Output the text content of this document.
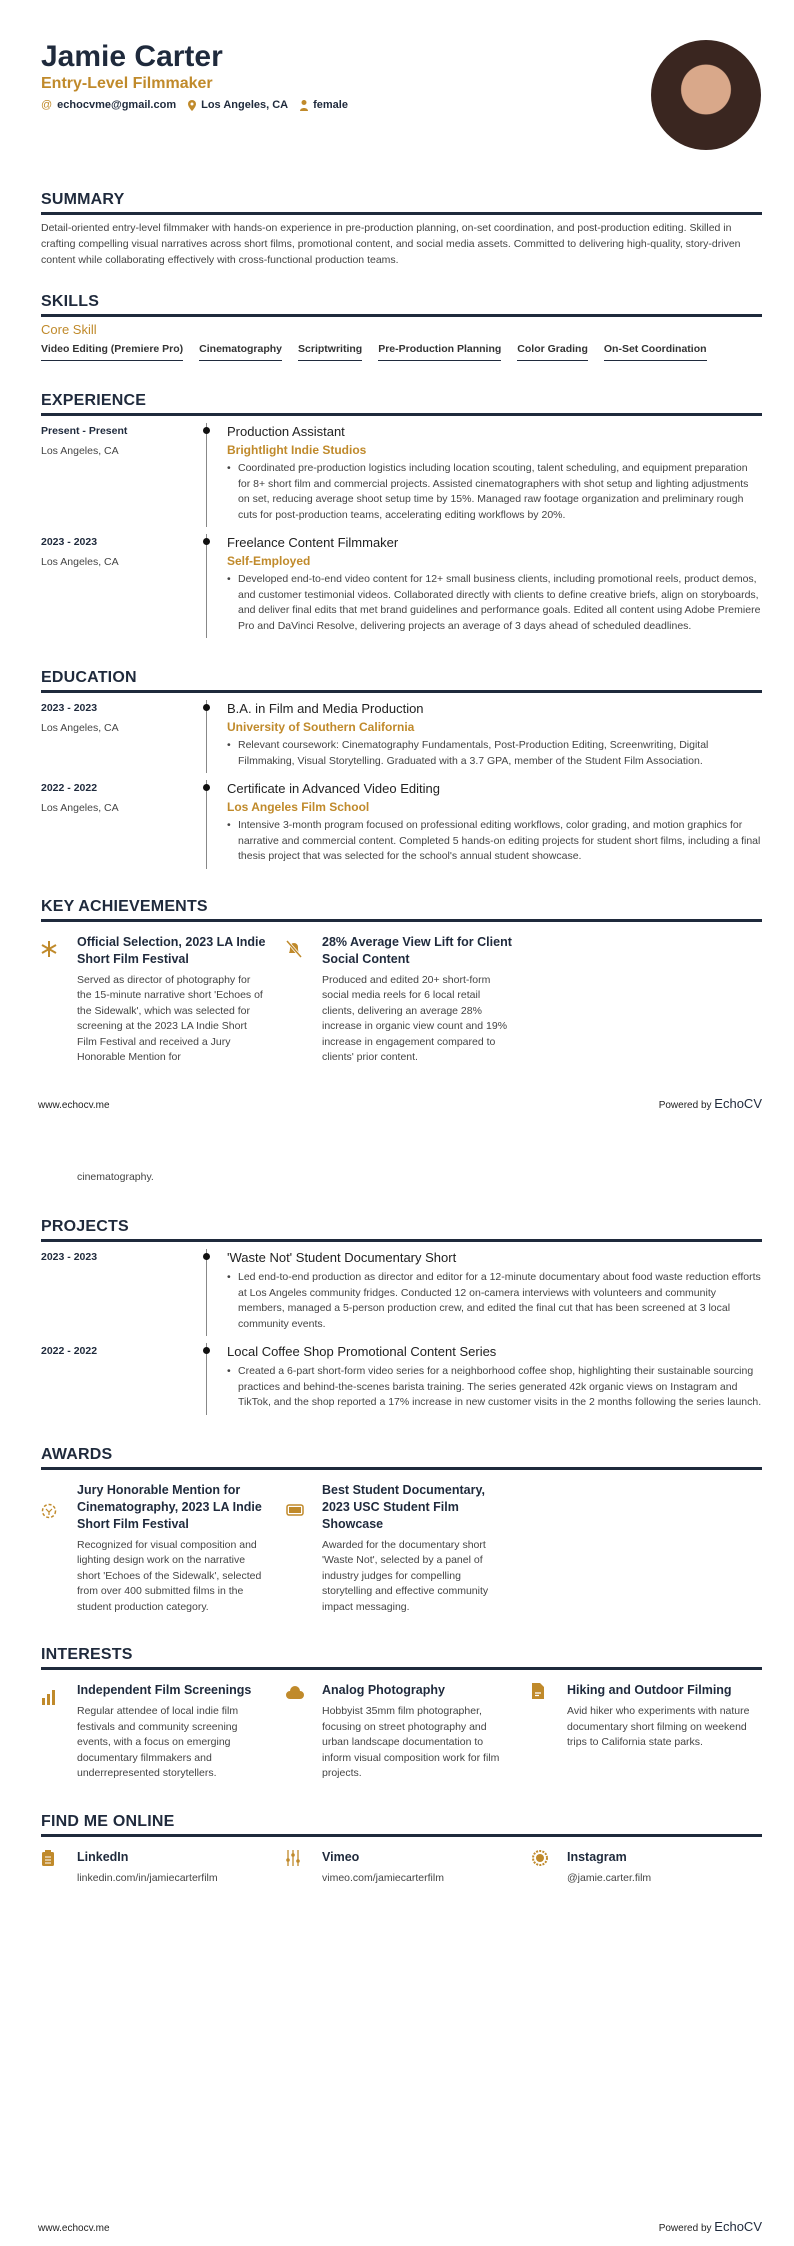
Jamie Carter
Entry-Level Filmmaker
@ echocvme@gmail.com Los Angeles, CA female
SUMMARY

Detail-oriented entry-level filmmaker with hands-on experience in pre-production planning, on-set coordination, and post-production editing. Skilled in crafting compelling visual narratives across short films, promotional content, and social media assets. Committed to delivering high-quality, story-driven content while collaborating effectively with cross-functional production teams.

SKILLS
Core Skill
Video Editing (Premiere Pro) Cinematography Scriptwriting Pre-Production Planning Color Grading On-Set Coordination
EXPERIENCE
Present - Present
Los Angeles, CA
Production Assistant
Brightlight Indie Studios
• Coordinated pre-production logistics including location scouting, talent scheduling, and equipment preparation for 8+ short film and commercial projects. Assisted cinematographers with shot setup and lighting adjustments on set, reducing average shoot setup time by 15%. Managed raw footage organization and preliminary rough cuts for post-production teams, accelerating editing workflows by 20%.
2023 - 2023
Los Angeles, CA
Freelance Content Filmmaker
Self-Employed
• Developed end-to-end video content for 12+ small business clients, including promotional reels, product demos, and customer testimonial videos. Collaborated directly with clients to define creative briefs, align on storyboards, and deliver final edits that met brand guidelines and performance goals. Edited all content using Adobe Premiere Pro and DaVinci Resolve, delivering projects an average of 3 days ahead of scheduled deadlines.
EDUCATION
2023 - 2023
Los Angeles, CA
B.A. in Film and Media Production
University of Southern California
• Relevant coursework: Cinematography Fundamentals, Post-Production Editing, Screenwriting, Digital Filmmaking, Visual Storytelling. Graduated with a 3.7 GPA, member of the Student Film Association.
2022 - 2022
Los Angeles, CA
Certificate in Advanced Video Editing
Los Angeles Film School
• Intensive 3-month program focused on professional editing workflows, color grading, and motion graphics for narrative and commercial content. Completed 5 hands-on editing projects for student short films, including a final thesis project that was selected for the school's annual student showcase.
KEY ACHIEVEMENTS
Official Selection, 2023 LA Indie Short Film Festival
Served as director of photography for the 15-minute narrative short 'Echoes of the Sidewalk', which was selected for screening at the 2023 LA Indie Short Film Festival and received a Jury Honorable Mention for
28% Average View Lift for Client Social Content
Produced and edited 20+ short-form social media reels for 6 local retail clients, delivering an average 28% increase in organic view count and 19% increase in engagement compared to clients' prior content.
www.echocv.me	Powered by EchoCV
cinematography.
PROJECTS
2023 - 2023	'Waste Not' Student Documentary Short
• Led end-to-end production as director and editor for a 12-minute documentary about food waste reduction efforts at Los Angeles community fridges. Conducted 12 on-camera interviews with volunteers and community members, managed a 5-person production crew, and edited the final cut that has been screened at 3 local community events.
2022 - 2022	Local Coffee Shop Promotional Content Series
• Created a 6-part short-form video series for a neighborhood coffee shop, highlighting their sustainable sourcing practices and behind-the-scenes barista training. The series generated 42k organic views on Instagram and TikTok, and the shop reported a 17% increase in new customer visits in the 2 months following the series launch.
AWARDS
Jury Honorable Mention for Cinematography, 2023 LA Indie Short Film Festival
Recognized for visual composition and lighting design work on the narrative short 'Echoes of the Sidewalk', selected from over 400 submitted films in the student production category.
Best Student Documentary, 2023 USC Student Film Showcase
Awarded for the documentary short 'Waste Not', selected by a panel of industry judges for compelling storytelling and effective community impact messaging.
INTERESTS
Independent Film Screenings
Regular attendee of local indie film festivals and community screening events, with a focus on emerging documentary filmmakers and underrepresented storytellers.
Analog Photography
Hobbyist 35mm film photographer, focusing on street photography and urban landscape documentation to inform visual composition work for film projects.
Hiking and Outdoor Filming
Avid hiker who experiments with nature documentary short filming on weekend trips to California state parks.
FIND ME ONLINE
LinkedIn
linkedin.com/in/jamiecarterfilm
Vimeo
vimeo.com/jamiecarterfilm
Instagram
@jamie.carter.film
www.echocv.me	Powered by EchoCV
